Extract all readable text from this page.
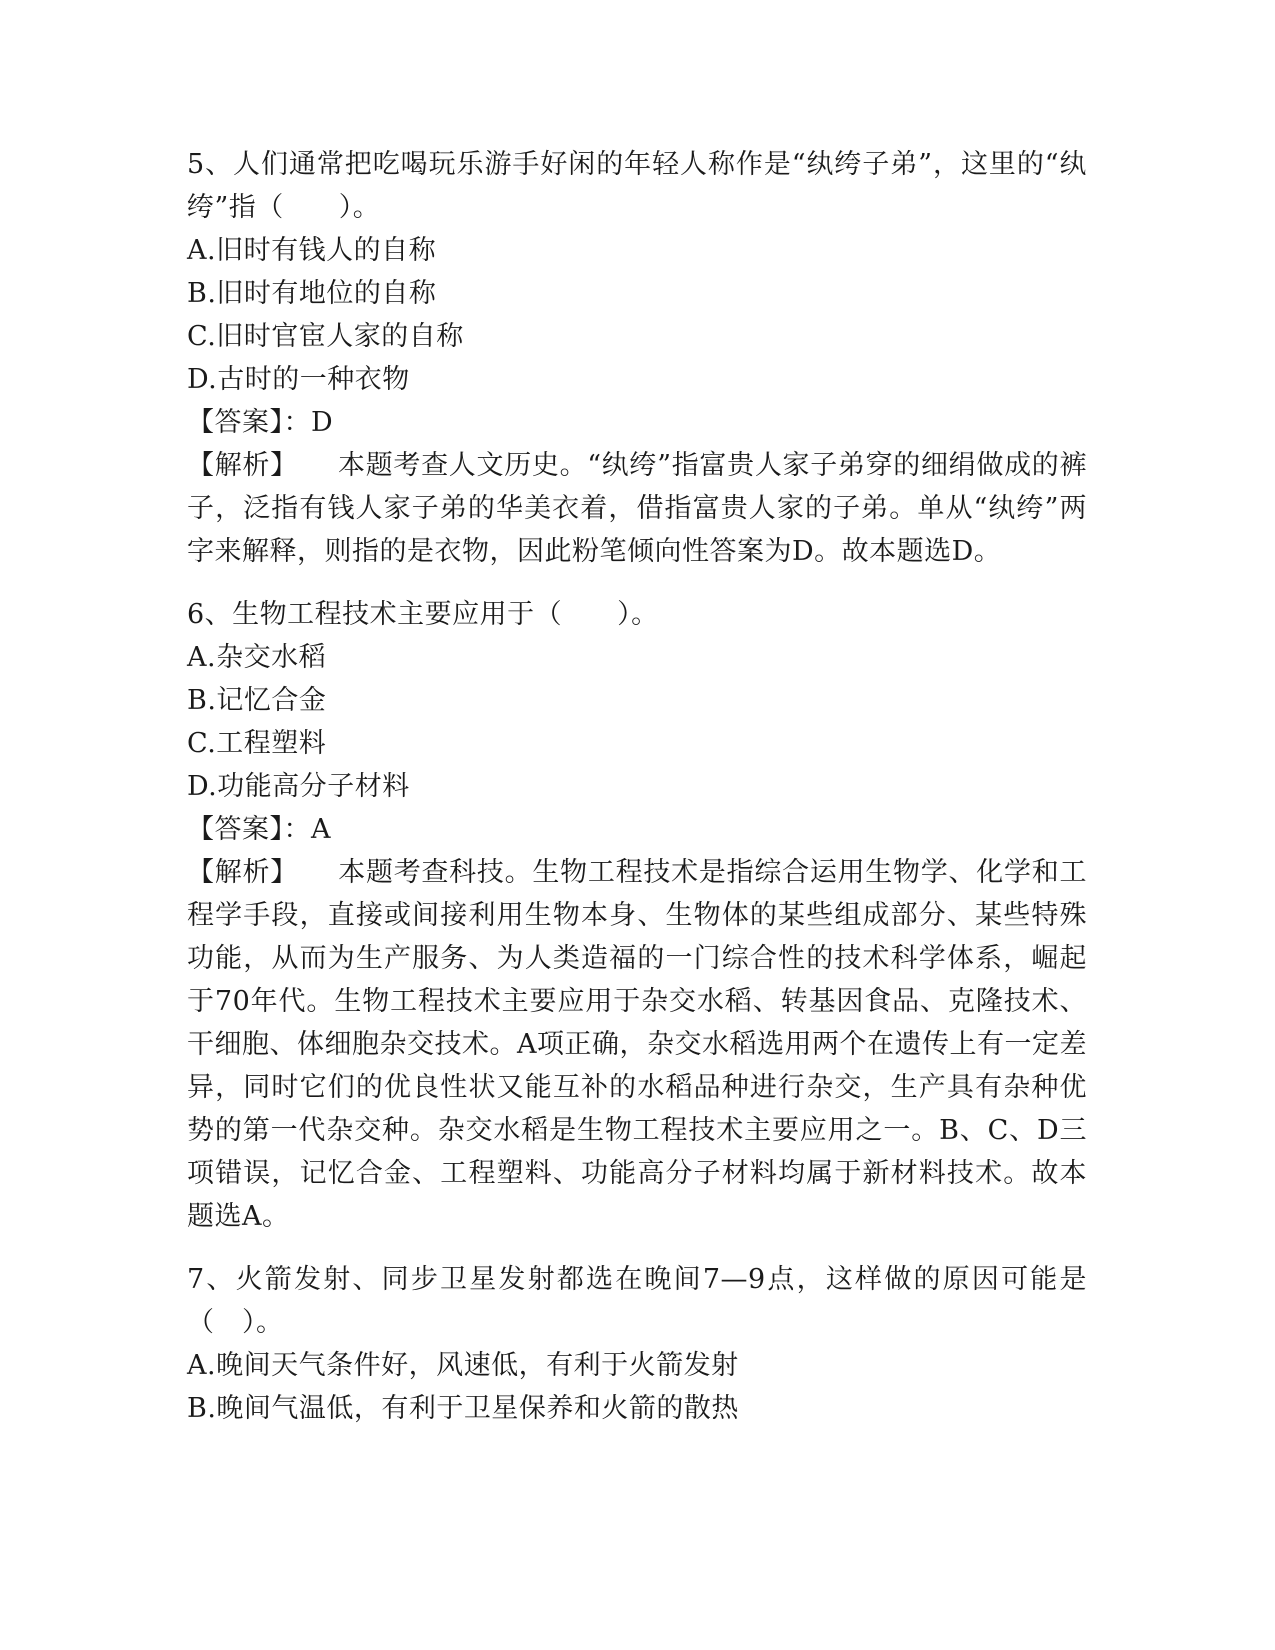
5、人们通常把吃喝玩乐游手好闲的年轻人称作是“纨绔子弟”，这里的“纨绔”指（　　）。

A.旧时有钱人的自称

B.旧时有地位的自称

C.旧时官宦人家的自称

D.古时的一种衣物

【答案】：D

【解析】 本题考查人文历史。“纨绔”指富贵人家子弟穿的细绢做成的裤子，泛指有钱人家子弟的华美衣着，借指富贵人家的子弟。单从“纨绔”两字来解释，则指的是衣物，因此粉笔倾向性答案为D。故本题选D。

6、生物工程技术主要应用于（　　）。

A.杂交水稻

B.记忆合金

C.工程塑料

D.功能高分子材料

【答案】：A

【解析】 本题考查科技。生物工程技术是指综合运用生物学、化学和工程学手段，直接或间接利用生物本身、生物体的某些组成部分、某些特殊功能，从而为生产服务、为人类造福的一门综合性的技术科学体系，崛起于70年代。生物工程技术主要应用于杂交水稻、转基因食品、克隆技术、干细胞、体细胞杂交技术。A项正确，杂交水稻选用两个在遗传上有一定差异，同时它们的优良性状又能互补的水稻品种进行杂交，生产具有杂种优势的第一代杂交种。杂交水稻是生物工程技术主要应用之一。B、C、D三项错误，记忆合金、工程塑料、功能高分子材料均属于新材料技术。故本题选A。

7、火箭发射、同步卫星发射都选在晚间7—9点，这样做的原因可能是（　）。

A.晚间天气条件好，风速低，有利于火箭发射

B.晚间气温低，有利于卫星保养和火箭的散热
